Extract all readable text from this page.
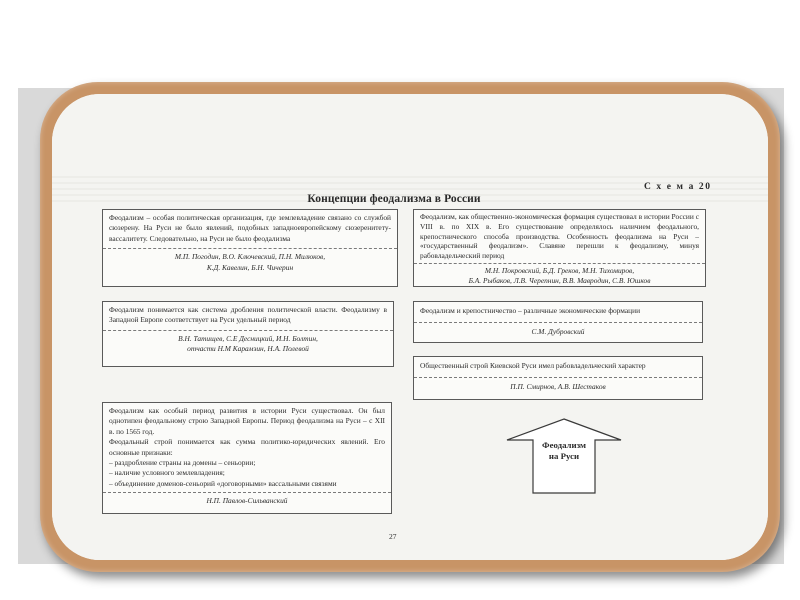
Концепции феодализма в России
С х е м а 20
Феодализм – особая политическая организация, где землевладение связано со службой сюзерену. На Руси не было явлений, подобных западноевропейскому сюзеренитету-вассалитету. Следовательно, на Руси не было феодализма
М.П. Погодин, В.О. Ключевский, П.Н. Милюков,
К.Д. Кавелин, Б.Н. Чичерин
Феодализм понимается как система дробления политической власти. Феодализму в Западной Европе соответствует на Руси удельный период
В.Н. Татищев, С.Е Десницкий, И.Н. Болтин,
отчасти Н.М Карамзин, Н.А. Полевой
Феодализм как особый период развития в истории Руси существовал. Он был однотипен феодальному строю Западной Европы. Период феодализма на Руси – с XII в. по 1565 год.
Феодальный строй понимается как сумма политико-юридических явлений. Его основные признаки:
– раздробление страны на домены – сеньории;
– наличие условного землевладения;
– объединение доменов-сеньорий «договорными» вассальными связями
Н.П. Павлов-Сильванский
Феодализм, как общественно-экономическая формация существовал в истории России с VIII в. по XIX в. Его существование определялось наличием феодального, крепостнического способа производства. Особенность феодализма на Руси – «государственный феодализм». Славяне перешли к феодализму, минуя рабовладельческий период
М.Н. Покровский, Б.Д. Греков, М.Н. Тихомиров,
Б.А. Рыбаков, Л.В. Черепнин, В.В. Мавродин, С.В. Юшков
Феодализм и крепостничество – различные экономические формации
С.М. Дубровский
Общественный строй Киевской Руси имел рабовладельческий характер
П.П. Смирнов, А.В. Шестаков
Феодализм
на Руси
27
